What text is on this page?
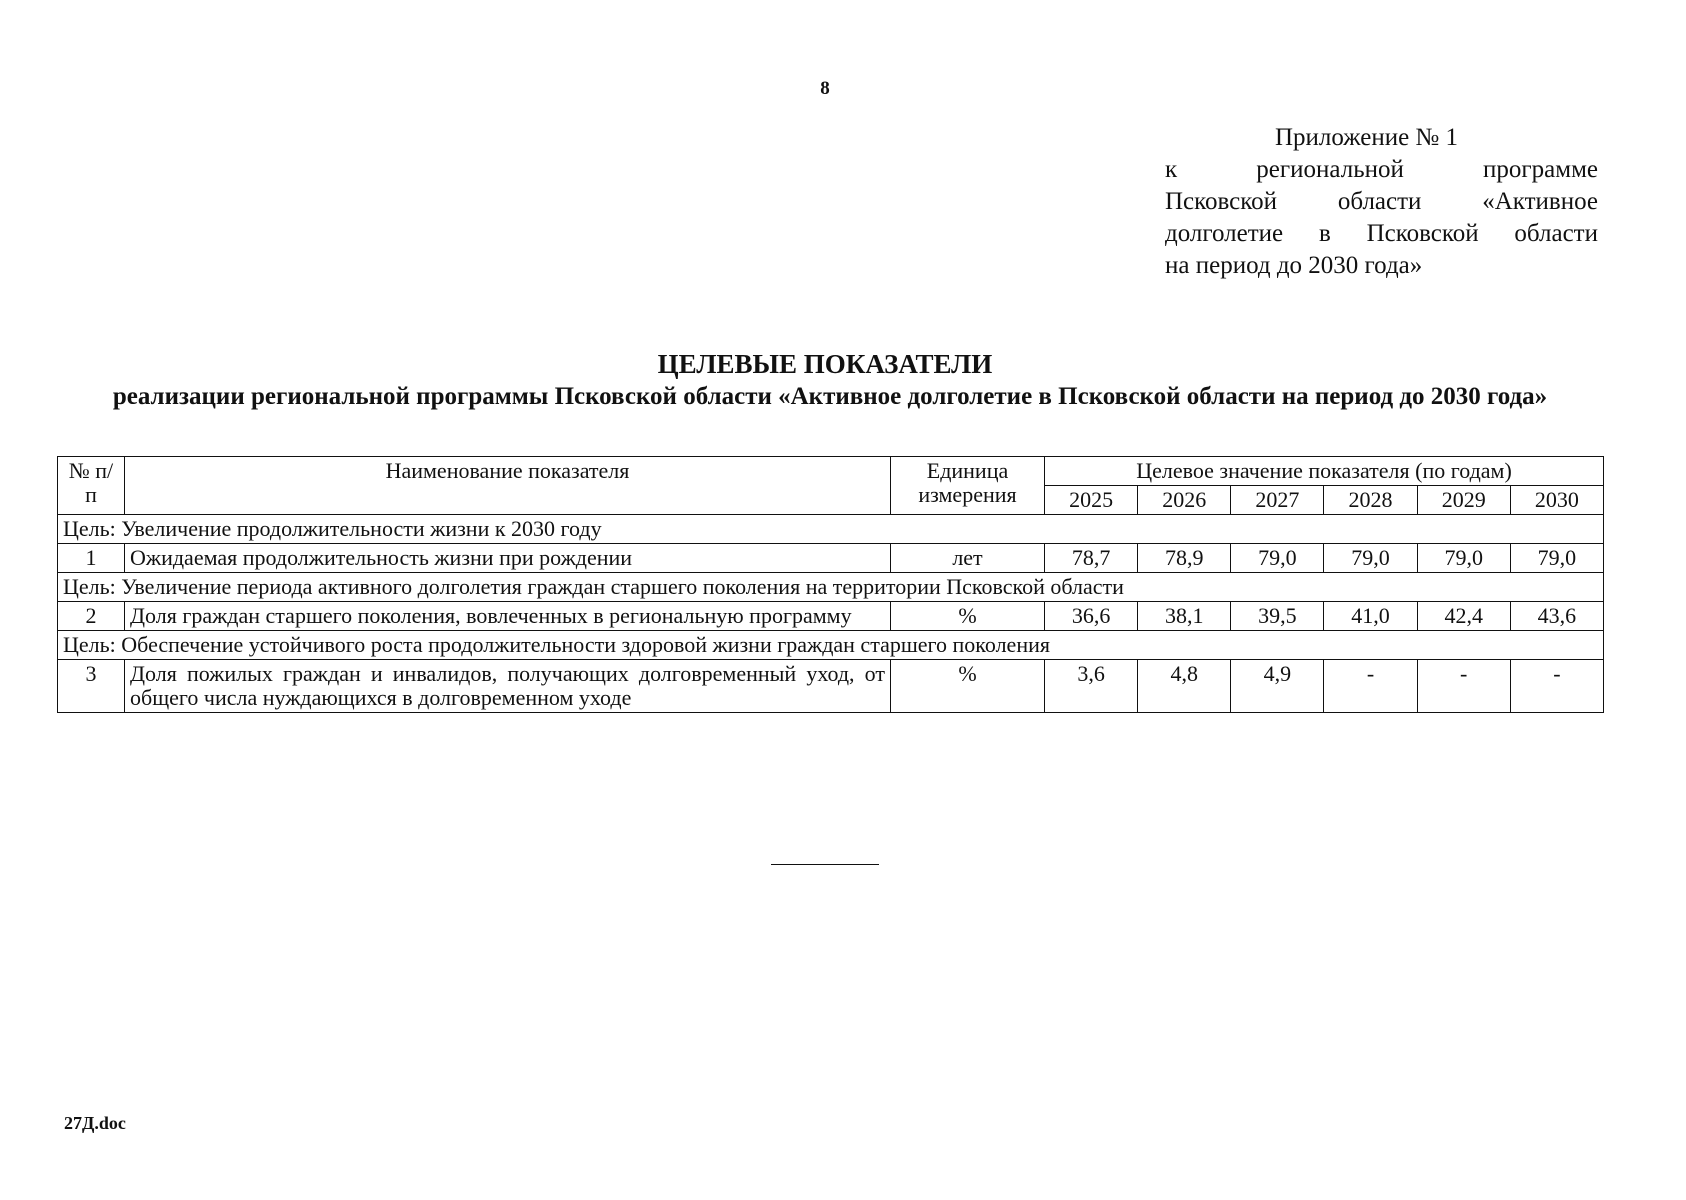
8
Приложение № 1
к региональной программе
Псковской области «Активное
долголетие в Псковской области
на период до 2030 года»
ЦЕЛЕВЫЕ ПОКАЗАТЕЛИ
реализации региональной программы Псковской области «Активное долголетие в Псковской области на период до 2030 года»
№ п/п	Наименование показателя	Единица измерения	Целевое значение показателя (по годам)					
			2025	2026	2027	2028	2029	2030
Цель: Увеличение продолжительности жизни к 2030 году								
1	Ожидаемая продолжительность жизни при рождении	лет	78,7	78,9	79,0	79,0	79,0	79,0
Цель: Увеличение периода активного долголетия граждан старшего поколения на территории Псковской области								
2	Доля граждан старшего поколения, вовлеченных в региональную программу	%	36,6	38,1	39,5	41,0	42,4	43,6
Цель: Обеспечение устойчивого роста продолжительности здоровой жизни граждан старшего поколения								
3	Доля пожилых граждан и инвалидов, получающих долговременный уход, от общего числа нуждающихся в долговременном уходе	%	3,6	4,8	4,9	-	-	-
27Д.doc
